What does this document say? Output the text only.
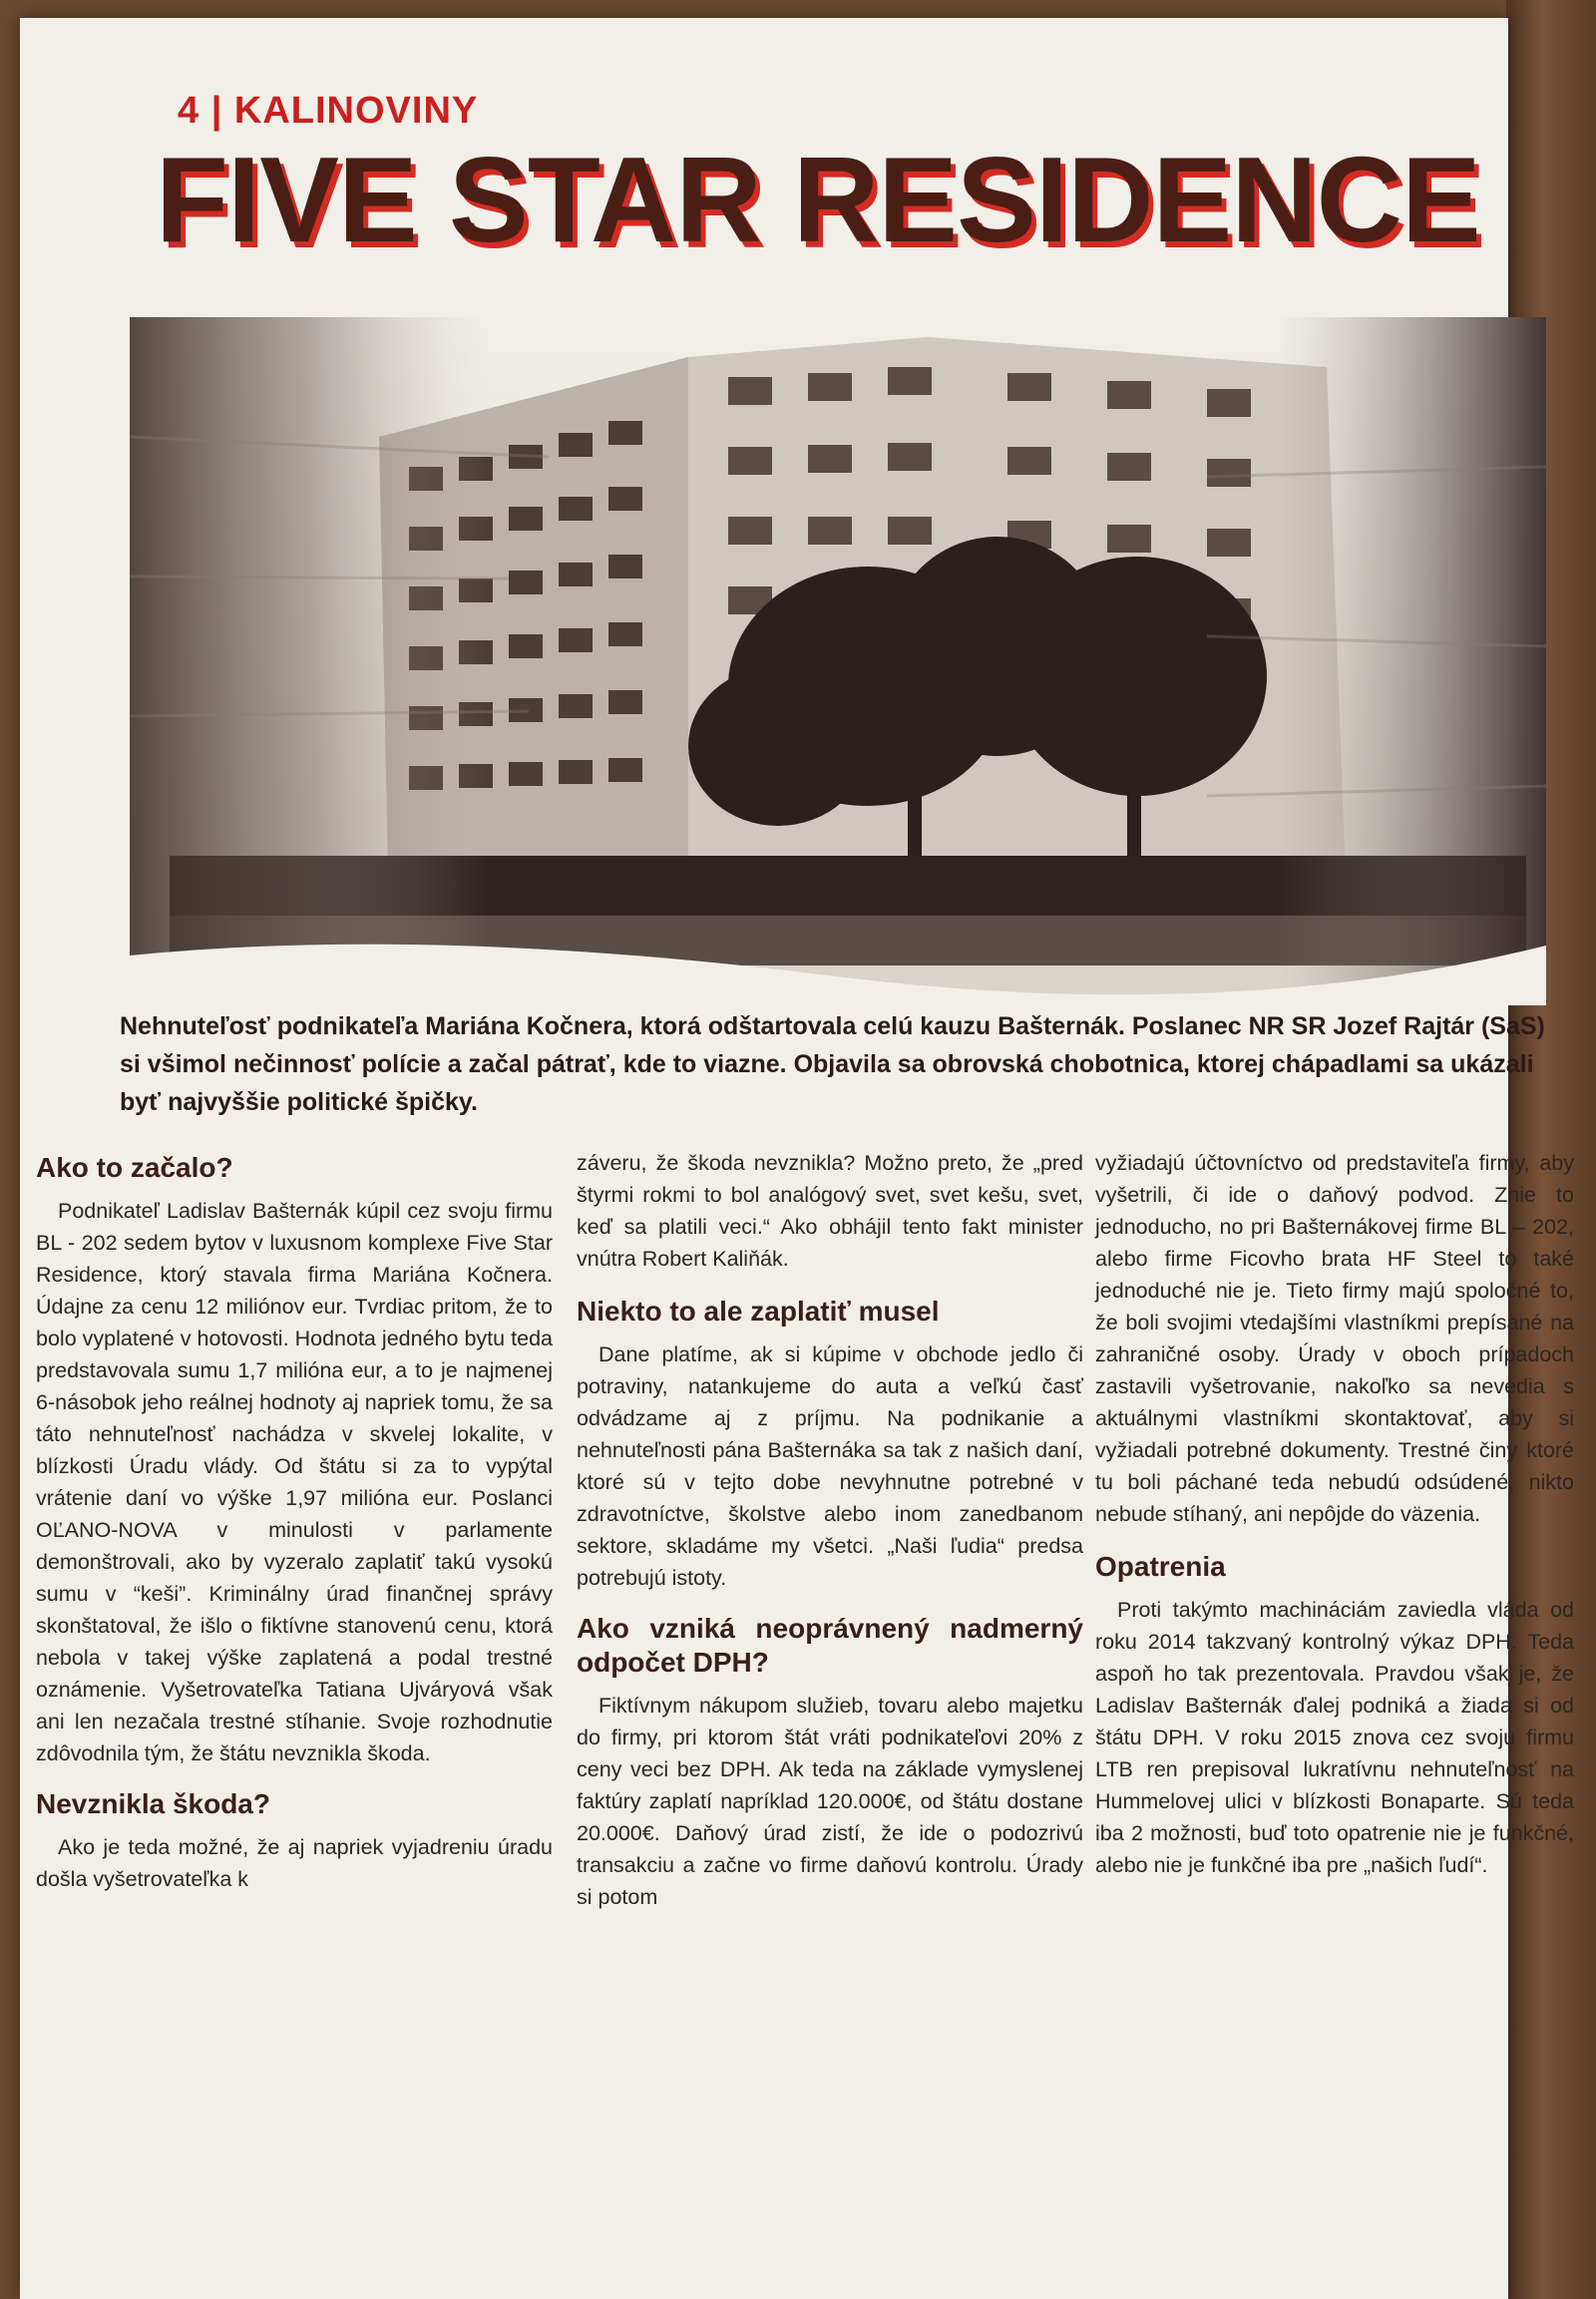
4 | KALINOVINY
FIVE STAR RESIDENCE

Nehnuteľosť podnikateľa Mariána Kočnera, ktorá odštartovala celú kauzu Bašternák. Poslanec NR SR Jozef Rajtár (SaS) si všimol nečinnosť polície a začal pátrať, kde to viazne. Objavila sa obrovská chobotnica, ktorej chápadlami sa ukázali byť najvyššie politické špičky.

Ako to začalo?

Podnikateľ Ladislav Bašternák kúpil cez svoju firmu BL - 202 sedem bytov v luxusnom komplexe Five Star Residence, ktorý stavala firma Mariána Kočnera. Údajne za cenu 12 miliónov eur. Tvrdiac pritom, že to bolo vyplatené v hotovosti. Hodnota jedného bytu teda predstavovala sumu 1,7 milióna eur, a to je najmenej 6-násobok jeho reálnej hodnoty aj napriek tomu, že sa táto nehnuteľnosť nachádza v skvelej lokalite, v blízkosti Úradu vlády. Od štátu si za to vypýtal vrátenie daní vo výške 1,97 milióna eur. Poslanci OĽANO-NOVA v minulosti v parlamente demonštrovali, ako by vyzeralo zaplatiť takú vysokú sumu v “keši”. Kriminálny úrad finančnej správy skonštatoval, že išlo o fiktívne stanovenú cenu, ktorá nebola v takej výške zaplatená a podal trestné oznámenie. Vyšetrovateľka Tatiana Ujváryová však ani len nezačala trestné stíhanie. Svoje rozhodnutie zdôvodnila tým, že štátu nevznikla škoda.

Nevznikla škoda?

Ako je teda možné, že aj napriek vyjadreniu úradu došla vyšetrovateľka k

záveru, že škoda nevznikla? Možno preto, že „pred štyrmi rokmi to bol analógový svet, svet kešu, svet, keď sa platili veci.“ Ako obhájil tento fakt minister vnútra Robert Kaliňák.

Niekto to ale zaplatiť musel

Dane platíme, ak si kúpime v obchode jedlo či potraviny, natankujeme do auta a veľkú časť odvádzame aj z príjmu. Na podnikanie a nehnuteľnosti pána Bašternáka sa tak z našich daní, ktoré sú v tejto dobe nevyhnutne potrebné v zdravotníctve, školstve alebo inom zanedbanom sektore, skladáme my všetci. „Naši ľudia“ predsa potrebujú istoty.

Ako vzniká neoprávnený nadmerný odpočet DPH?

Fiktívnym nákupom služieb, tovaru alebo majetku do firmy, pri ktorom štát vráti podnikateľovi 20% z ceny veci bez DPH. Ak teda na základe vymyslenej faktúry zaplatí napríklad 120.000€, od štátu dostane 20.000€. Daňový úrad zistí, že ide o podozrivú transakciu a začne vo firme daňovú kontrolu. Úrady si potom

vyžiadajú účtovníctvo od predstaviteľa firmy, aby vyšetrili, či ide o daňový podvod. Znie to jednoducho, no pri Bašternákovej firme BL – 202, alebo firme Ficovho brata HF Steel to také jednoduché nie je. Tieto firmy majú spoločné to, že boli svojimi vtedajšími vlastníkmi prepísané na zahraničné osoby. Úrady v oboch prípadoch zastavili vyšetrovanie, nakoľko sa nevedia s aktuálnymi vlastníkmi skontaktovať, aby si vyžiadali potrebné dokumenty. Trestné činy ktoré tu boli páchané teda nebudú odsúdené, nikto nebude stíhaný, ani nepôjde do väzenia.

Opatrenia

Proti takýmto machináciám zaviedla vláda od roku 2014 takzvaný kontrolný výkaz DPH. Teda aspoň ho tak prezentovala. Pravdou však je, že Ladislav Bašternák ďalej podniká a žiada si od štátu DPH. V roku 2015 znova cez svoju firmu LTB ren prepisoval lukratívnu nehnuteľnosť na Hummelovej ulici v blízkosti Bonaparte. Sú teda iba 2 možnosti, buď toto opatrenie nie je funkčné, alebo nie je funkčné iba pre „našich ľudí“.
